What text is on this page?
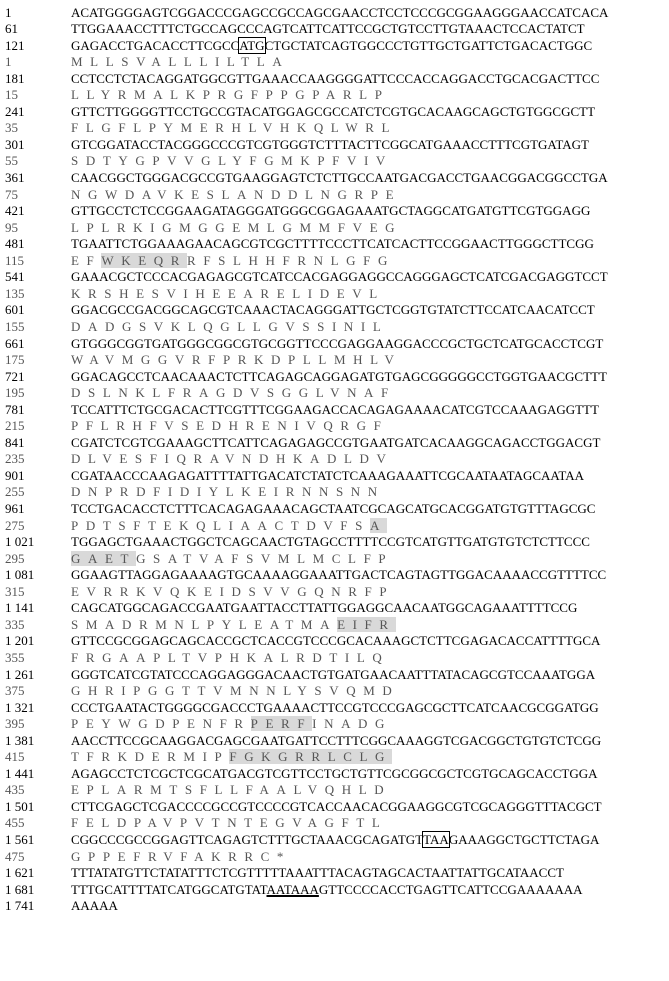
1	ACATGGGGAGTCGGACCCGAGCCGCCAGCGAACCTCCTCCCGCGGAAGGGAACCATCACA
61	TTGGAAACCTTTCTGCCAGCCCAGTCATTCATTCCGCTGTCCTTGTAAACTCCACTATCT
121	GAGACCTGACACCTTCGCCATGCTGCTATCAGTGGCCCTGTTGCTGATTCTGACACTGGC
1	MLLSVALLLILTLA
181	CCTCCTCTACAGGATGGCGTTGAAACCAAGGGGATTCCCACCAGGACCTGCACGACTTCC
15	LLYRMALKPRGFPPGPARLP
241	GTTCTTGGGGTTCCTGCCGTACATGGAGCGCCATCTCGTGCACAAGCAGCTGTGGCGCTT
35	FLGFLPYMERHLVHKQLWRL
301	GTCGGATACCTACGGGCCCGTCGTGGGTCTTTACTTCGGCATGAAACCTTTCGTGATAGT
55	SDTYGPVVGLYFGMKPFVIV
361	CAACGGCTGGGACGCCGTGAAGGAGTCTCTTGCCAATGACGACCTGAACGGACGGCCTGA
75	NGWDAVKESLANDDLNGRPE
421	GTTGCCTCTCCGGAAGATAGGGATGGGCGGAGAAATGCTAGGCATGATGTTCGTGGAGG
95	LPLRKIGMGGEMLGMMFVEG
481	TGAATTCTGGAAAGAACAGCGTCGCTTTTCCCTTCATCACTTCCGGAACTTGGGCTTCGG
115	EFWKEQRRFSLHHFRNLGFG
541	GAAACGCTCCCACGAGAGCGTCATCCACGAGGAGGCCAGGGAGCTCATCGACGAGGTCCT
135	KRSHESVIHEEARELIDEVL
601	GGACGCCGACGGCAGCGTCAAACTACAGGGATTGCTCGGTGTATCTTCCATCAACATCCT
155	DADGSVKLQGLLGVSSINIL
661	GTGGGCGGTGATGGGCGGCGTGCGGTTCCCGAGGAAGGACCCGCTGCTCATGCACCTCGT
175	WAVMGGVRFPRKDPLLMHLV
721	GGACAGCCTCAACAAACTCTTCAGAGCAGGAGATGTGAGCGGGGGCCTGGTGAACGCTTT
195	DSLNKLFRAGDVSGGLVNAF
781	TCCATTTCTGCGACACTTCGTTTCGGAAGACCACAGAGAAAACATCGTCCAAAGAGGTTT
215	PFLRHFVSEDHRENIVQRGF
841	CGATCTCGTCGAAAGCTTCATTCAGAGAGCCGTGAATGATCACAAGGCAGACCTGGACGT
235	DLVESFIQRAVNDHKADLDV
901	CGATAACCCAAGAGATTTTATTGACATCTATCTCAAAGAAATTCGCAATAATAGCAATAA
255	DNPRDFIDIYLKEIRNNSNN
961	TCCTGACACCTCTTTCACAGAGAAACAGCTAATCGCAGCATGCACGGATGTGTTTAGCGC
275	PDTSFTEKQLIAACTDVFSA
1 021	TGGAGCTGAAACTGGCTCAGCAACTGTAGCCTTTTCCGTCATGTTGATGTGTCTCTTCCC
295	GAETGSATVAFSVMLMCLFP
1 081	GGAAGTTAGGAGAAAAGTGCAAAAGGAAATTGACTCAGTAGTTGGACAAAACCGTTTTCC
315	EVRRKVQKEIDSVVGQNRFP
1 141	CAGCATGGCAGACCGAATGAATTACCTTATTGGAGGCAACAATGGCAGAAATTTTCCG
335	SMADRMNLPYLEATMAEIFR
1 201	GTTCCGCGGAGCAGCACCGCTCACCGTCCCGCACAAAGCTCTTCGAGACACCATTTTGCA
355	FRGAAPLTVPHKALRDTILQ
1 261	GGGTCATCGTATCCCAGGAGGGACAACTGTGATGAACAATTTATACAGCGTCCAAATGGA
375	GHRIPGGTTVMNNLYSVQMD
1 321	CCCTGAATACTGGGGCGACCCTGAAAACTTCCGTCCCGAGCGCTTCATCAACGCGGATGG
395	PEYWGDPENFRPERFINADG
1 381	AACCTTCCGCAAGGACGAGCGAATGATTCCTTTCGGCAAAGGTCGACGGCTGTGTCTCGG
415	TFRKDERMIPFGKGRRLCLG
1 441	AGAGCCTCTCGCTCGCATGACGTCGTTCCTGCTGTTCGCGGCGCTCGTGCAGCACCTGGA
435	EPLARMTSFLLFAALVQHLD
1 501	CTTCGAGCTCGACCCCGCCGTCCCCGTCACCAACACGGAAGGCGTCGCAGGGTTTACGCT
455	FELDPAVPVTNTEGVAGFTL
1 561	CGGCCCGCCGGAGTTCAGAGTCTTTGCTAAACGCAGATGTTAAGAAAGGCTGCTTCTAGA
475	GPPEFRVFAKRRC*
1 621	TTTATATGTTCTATATTTCTCGTTTTTAAATTTACAGTAGCACTAATTATTGCATAACCT
1 681	TTTGCATTTTATCATGGCATGTATAATAAAGTTCCCCACCTGAGTTCATTCCGAAAAAAA
1 741	AAAAA
